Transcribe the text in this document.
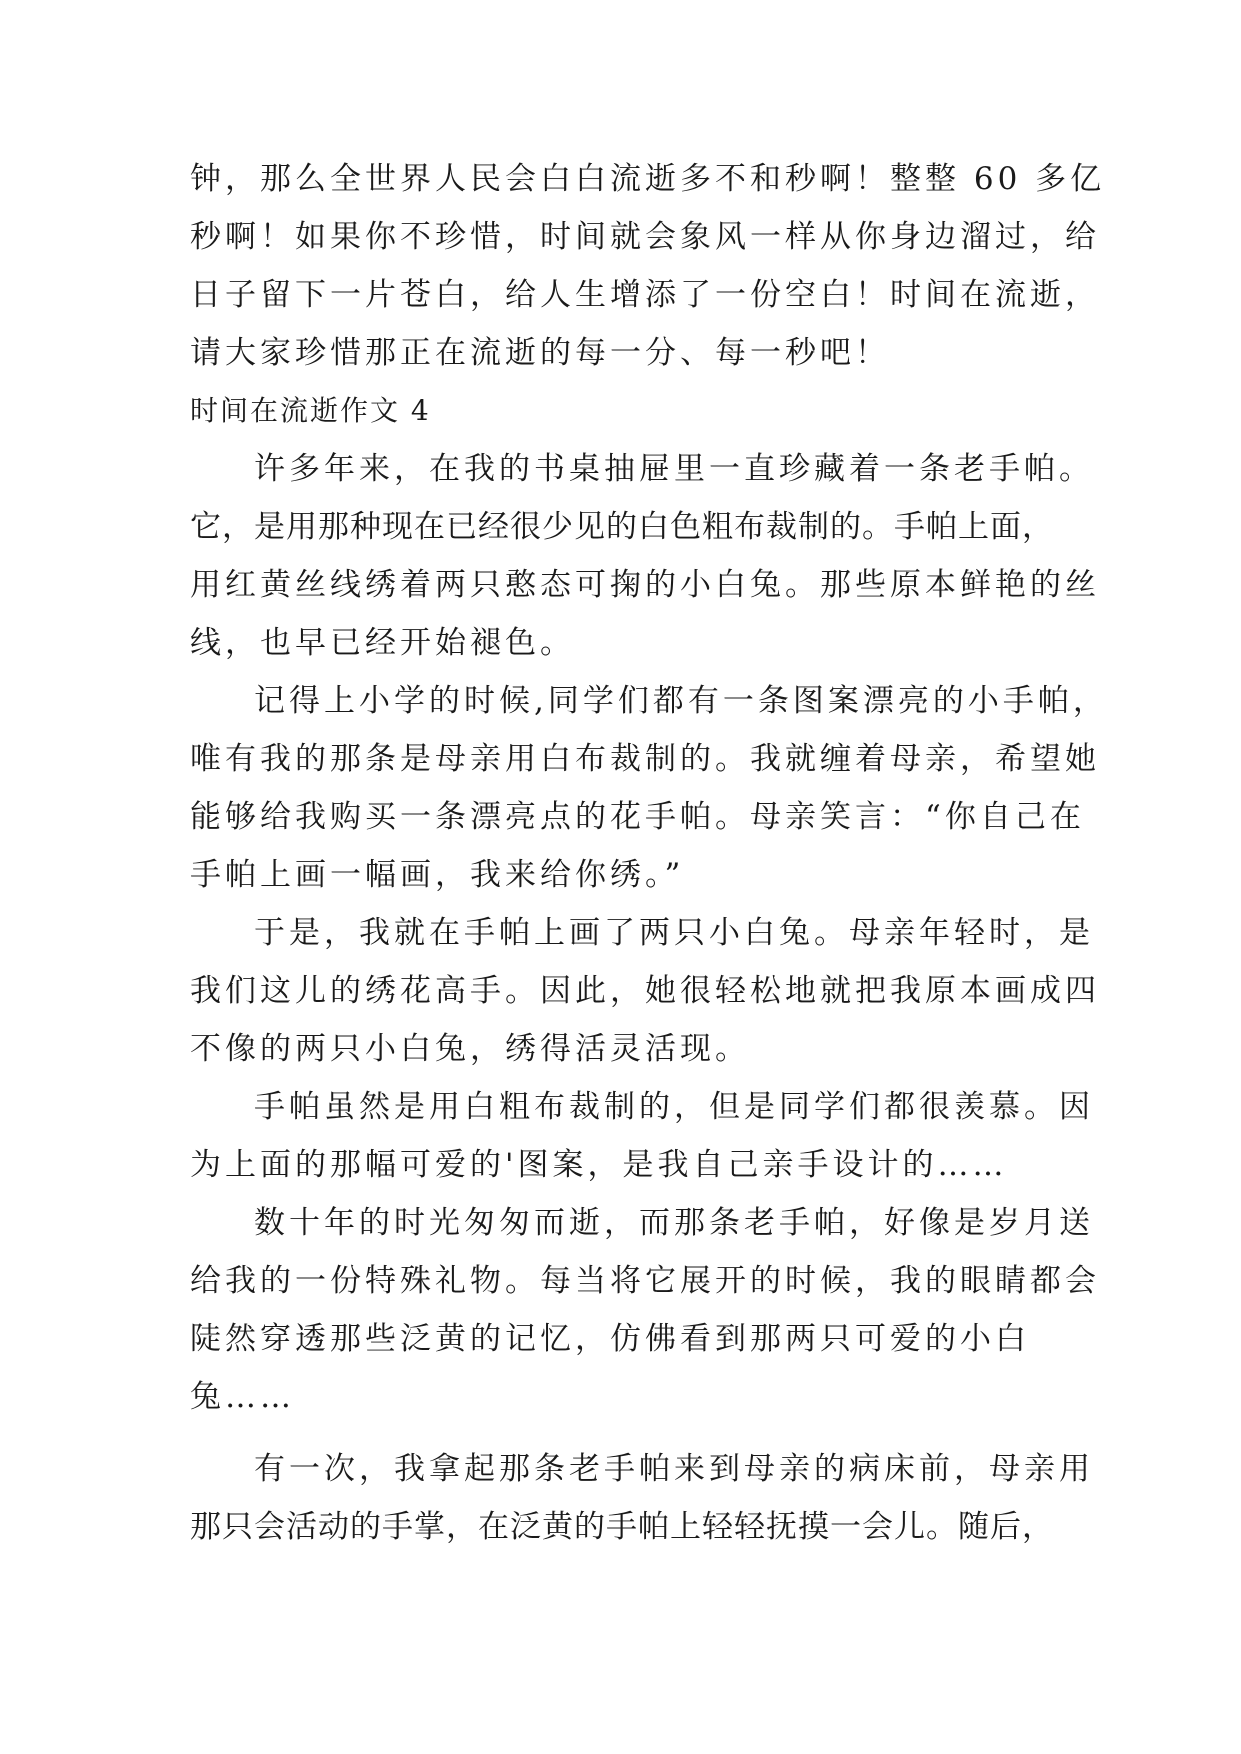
钟，那么全世界人民会白白流逝多不和秒啊！整整 60 多亿
秒啊！如果你不珍惜，时间就会象风一样从你身边溜过，给
日子留下一片苍白，给人生增添了一份空白！时间在流逝，
请大家珍惜那正在流逝的每一分、每一秒吧！
时间在流逝作文 4
许多年来，在我的书桌抽屉里一直珍藏着一条老手帕。
它，是用那种现在已经很少见的白色粗布裁制的。手帕上面，
用红黄丝线绣着两只憨态可掬的小白兔。那些原本鲜艳的丝
线，也早已经开始褪色。
记得上小学的时候,同学们都有一条图案漂亮的小手帕，
唯有我的那条是母亲用白布裁制的。我就缠着母亲，希望她
能够给我购买一条漂亮点的花手帕。母亲笑言：“你自己在
手帕上画一幅画，我来给你绣。”
于是，我就在手帕上画了两只小白兔。母亲年轻时，是
我们这儿的绣花高手。因此，她很轻松地就把我原本画成四
不像的两只小白兔，绣得活灵活现。
手帕虽然是用白粗布裁制的，但是同学们都很羡慕。因
为上面的那幅可爱的'图案，是我自己亲手设计的……
数十年的时光匆匆而逝，而那条老手帕，好像是岁月送
给我的一份特殊礼物。每当将它展开的时候，我的眼睛都会
陡然穿透那些泛黄的记忆，仿佛看到那两只可爱的小白
兔……
有一次，我拿起那条老手帕来到母亲的病床前，母亲用
那只会活动的手掌，在泛黄的手帕上轻轻抚摸一会儿。随后，
